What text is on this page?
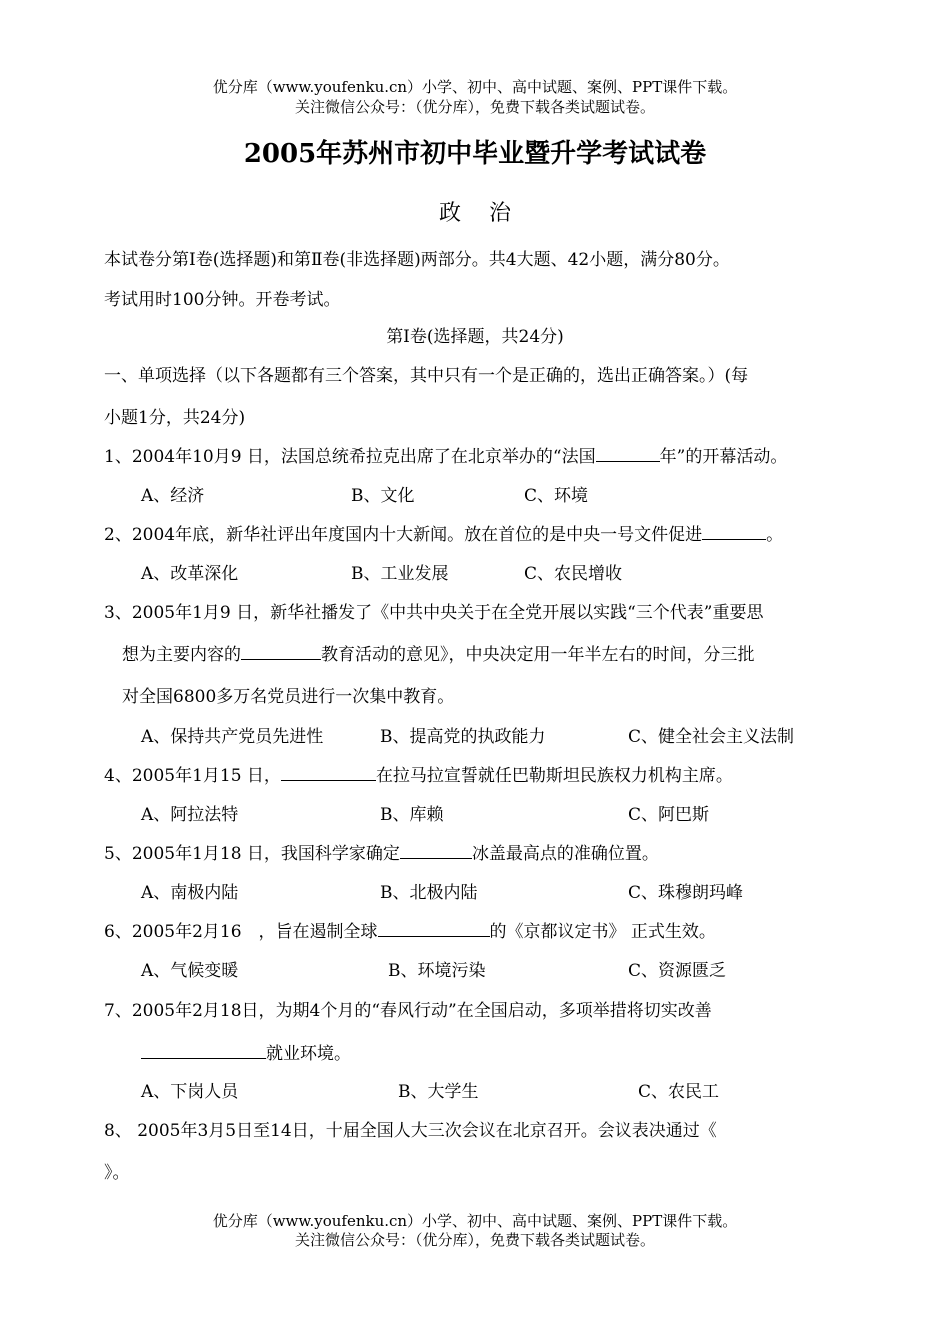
优分库（www.youfenku.cn）小学、初中、高中试题、案例、PPT课件下载。
关注微信公众号：（优分库），免费下载各类试题试卷。
2005年苏州市初中毕业暨升学考试试卷
政治
本试卷分第Ⅰ卷(选择题)和第Ⅱ卷(非选择题)两部分。共4大题、42小题，满分80分。
考试用时100分钟。开卷考试。
第Ⅰ卷(选择题，共24分)
一、单项选择（以下各题都有三个答案，其中只有一个是正确的，选出正确答案。）(每
小题1分，共24分)
1、2004年10月9 日，法国总统希拉克出席了在北京举办的“法国	年”的开幕活动。
A、经济	B、文化	C、环境
2、2004年底，新华社评出年度国内十大新闻。放在首位的是中央一号文件促进	。
A、改革深化	B、工业发展	C、农民增收
3、2005年1月9 日，新华社播发了《中共中央关于在全党开展以实践“三个代表”重要思
想为主要内容的	教育活动的意见》，中央决定用一年半左右的时间，分三批
对全国6800多万名党员进行一次集中教育。
A、保持共产党员先进性	B、提高党的执政能力	C、健全社会主义法制
4、2005年1月15 日，	在拉马拉宣誓就任巴勒斯坦民族权力机构主席。
A、阿拉法特	B、库赖	C、阿巴斯
5、2005年1月18 日，我国科学家确定	冰盖最高点的准确位置。
A、南极内陆	B、北极内陆	C、珠穆朗玛峰
6、2005年2月16　，旨在遏制全球	的《京都议定书》 正式生效。
A、气候变暖	B、环境污染	C、资源匮乏
7、2005年2月18日，为期4个月的“春风行动”在全国启动，多项举措将切实改善
就业环境。
A、下岗人员	B、大学生	C、农民工
8、 2005年3月5日至14日，十届全国人大三次会议在北京召开。会议表决通过《
》。
优分库（www.youfenku.cn）小学、初中、高中试题、案例、PPT课件下载。
关注微信公众号：（优分库），免费下载各类试题试卷。
